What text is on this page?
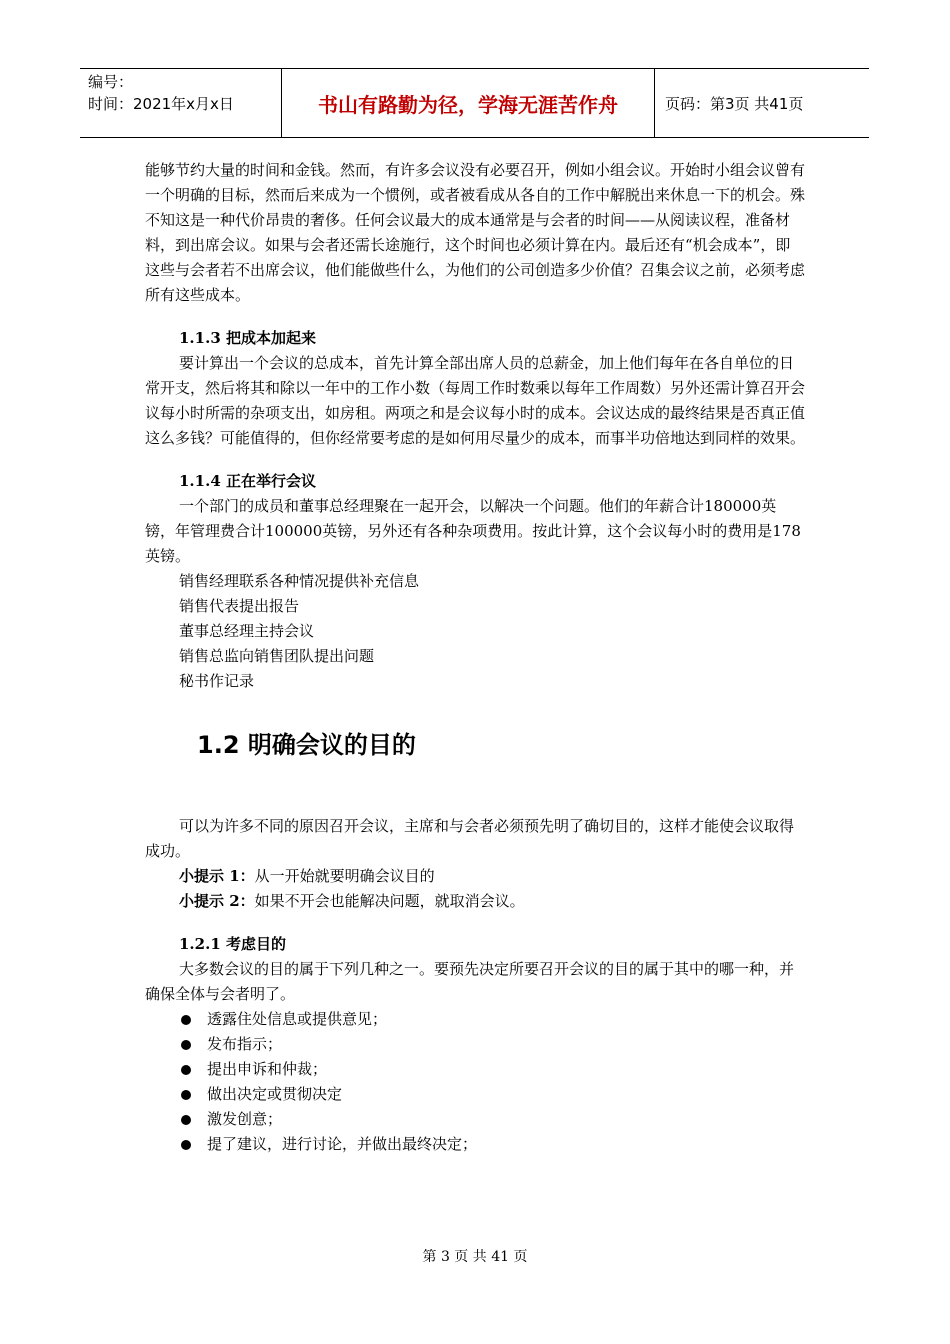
编号：
时间：2021年x月x日	书山有路勤为径，学海无涯苦作舟	页码：第3页 共41页

能够节约大量的时间和金钱。然而，有许多会议没有必要召开，例如小组会议。开始时小组会议曾有一个明确的目标，然而后来成为一个惯例，或者被看成从各自的工作中解脱出来休息一下的机会。殊不知这是一种代价昂贵的奢侈。任何会议最大的成本通常是与会者的时间——从阅读议程，准备材料，到出席会议。如果与会者还需长途施行，这个时间也必须计算在内。最后还有“机会成本”，即这些与会者若不出席会议，他们能做些什么，为他们的公司创造多少价值？召集会议之前，必须考虑所有这些成本。

1.1.3 把成本加起来

要计算出一个会议的总成本，首先计算全部出席人员的总薪金，加上他们每年在各自单位的日常开支，然后将其和除以一年中的工作小数（每周工作时数乘以每年工作周数）另外还需计算召开会议每小时所需的杂项支出，如房租。两项之和是会议每小时的成本。会议达成的最终结果是否真正值这么多钱？可能值得的，但你经常要考虑的是如何用尽量少的成本，而事半功倍地达到同样的效果。

1.1.4 正在举行会议

一个部门的成员和董事总经理聚在一起开会，以解决一个问题。他们的年薪合计180000英镑，年管理费合计100000英镑，另外还有各种杂项费用。按此计算，这个会议每小时的费用是178英镑。

销售经理联系各种情况提供补充信息

销售代表提出报告

董事总经理主持会议

销售总监向销售团队提出问题

秘书作记录

1.2 明确会议的目的

可以为许多不同的原因召开会议，主席和与会者必须预先明了确切目的，这样才能使会议取得成功。

小提示 1：从一开始就要明确会议目的

小提示 2：如果不开会也能解决问题，就取消会议。

1.2.1 考虑目的

大多数会议的目的属于下列几种之一。要预先决定所要召开会议的目的属于其中的哪一种，并确保全体与会者明了。

透露住处信息或提供意见；
发布指示；
提出申诉和仲裁；
做出决定或贯彻决定
激发创意；
提了建议，进行讨论，并做出最终决定；
第 3 页 共 41 页
